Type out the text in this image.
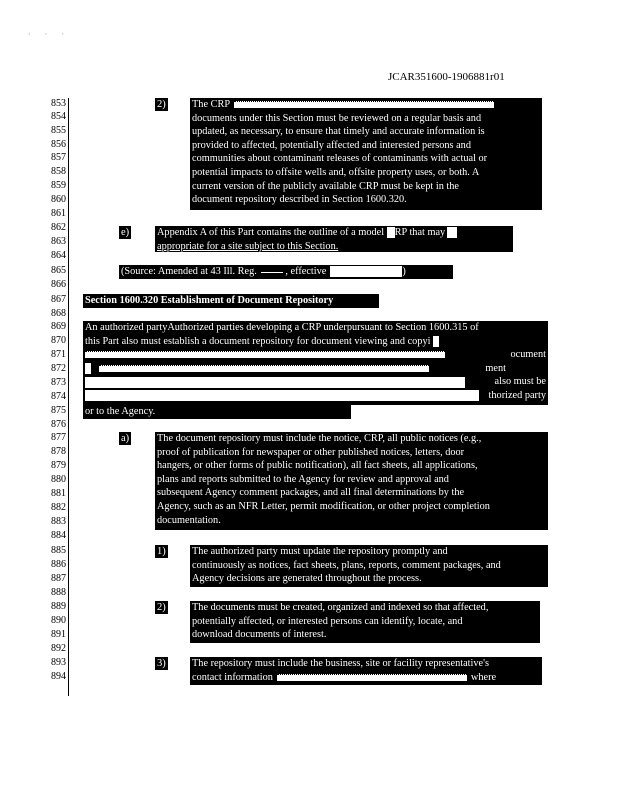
· · ·
JCAR351600-1906881r01
853
854
855
856
857
858
859
860
861
862
863
864
865
866
867
868
869
870
871
872
873
874
875
876
877
878
879
880
881
882
883
884
885
886
887
888
889
890
891
892
893
894
2)	The CRP

documents under this Section must be reviewed on a regular basis and

updated, as necessary, to ensure that timely and accurate information is

provided to affected, potentially affected and interested persons and

communities about contaminant releases of contaminants with actual or

potential impacts to offsite wells and, offsite property uses, or both. A

current version of the publicly available CRP must be kept in the

document repository described in Section 1600.320.

e)	Appendix A of this Part contains the outline of a model RP that may

appropriate for a site subject to this Section.

(Source: Amended at 43 Ill. Reg.	, effective	)

Section 1600.320 Establishment of Document Repository

An authorized partyAuthorized parties developing a CRP underpursuant to Section 1600.315 of

this Part also must establish a document repository for document viewing and copyi

ocument

ment

also must be

thorized party

or to the Agency.

a)	The document repository must include the notice, CRP, all public notices (e.g.,

proof of publication for newspaper or other published notices, letters, door

hangers, or other forms of public notification), all fact sheets, all applications,

plans and reports submitted to the Agency for review and approval and

subsequent Agency comment packages, and all final determinations by the

Agency, such as an NFR Letter, permit modification, or other project completion

documentation.

1)	The authorized party must update the repository promptly and

continuously as notices, fact sheets, plans, reports, comment packages, and

Agency decisions are generated throughout the process.

2)	The documents must be created, organized and indexed so that affected,

potentially affected, or interested persons can identify, locate, and

download documents of interest.

3)	The repository must include the business, site or facility representative's

contact information	where
